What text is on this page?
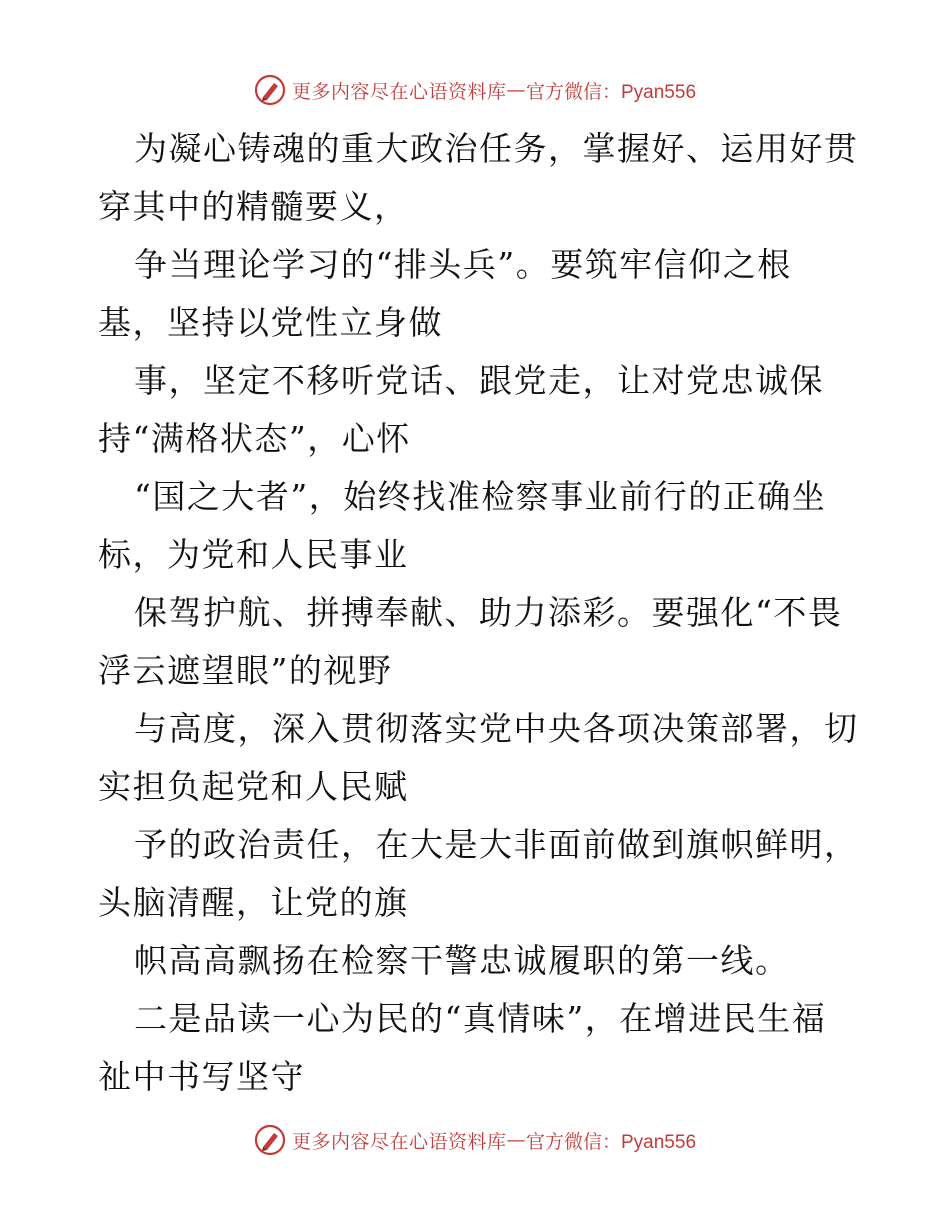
更多内容尽在心语资料库 — 官方微信：Pyan556
为凝心铸魂的重大政治任务，掌握好、运用好贯
穿其中的精髓要义，
争当理论学习的“排头兵”。要筑牢信仰之根
基，坚持以党性立身做
事，坚定不移听党话、跟党走，让对党忠诚保
持“满格状态”，心怀
“国之大者”，始终找准检察事业前行的正确坐
标，为党和人民事业
保驾护航、拼搏奉献、助力添彩。要强化“不畏
浮云遮望眼”的视野
与高度，深入贯彻落实党中央各项决策部署，切
实担负起党和人民赋
予的政治责任，在大是大非面前做到旗帜鲜明，
头脑清醒，让党的旗
帜高高飘扬在检察干警忠诚履职的第一线。
二是品读一心为民的“真情味”，在增进民生福
祉中书写坚守
更多内容尽在心语资料库 — 官方微信：Pyan556
